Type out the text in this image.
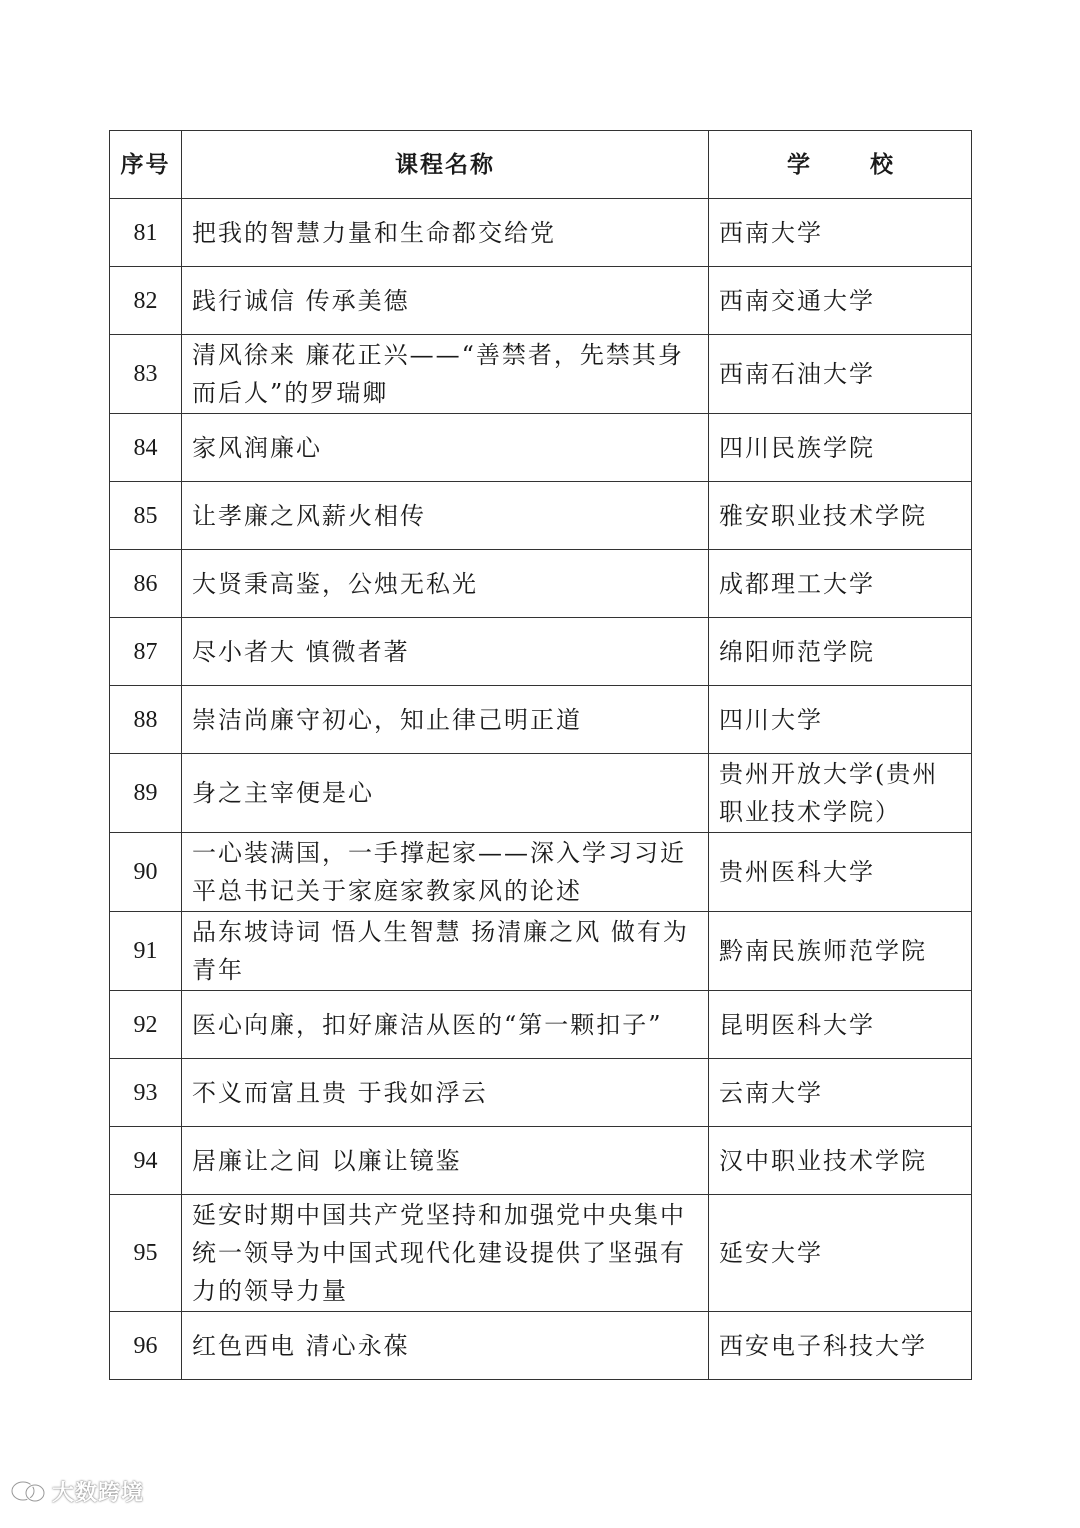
序号	课程名称	学 校
81	把我的智慧力量和生命都交给党	西南大学
82	践行诚信 传承美德	西南交通大学
83	清风徐来 廉花正兴——“善禁者，先禁其身而后人”的罗瑞卿	西南石油大学
84	家风润廉心	四川民族学院
85	让孝廉之风薪火相传	雅安职业技术学院
86	大贤秉高鉴，公烛无私光	成都理工大学
87	尽小者大 慎微者著	绵阳师范学院
88	崇洁尚廉守初心，知止律己明正道	四川大学
89	身之主宰便是心	贵州开放大学(贵州职业技术学院）
90	一心装满国，一手撑起家——深入学习习近平总书记关于家庭家教家风的论述	贵州医科大学
91	品东坡诗词 悟人生智慧 扬清廉之风 做有为青年	黔南民族师范学院
92	医心向廉，扣好廉洁从医的“第一颗扣子”	昆明医科大学
93	不义而富且贵 于我如浮云	云南大学
94	居廉让之间 以廉让镜鉴	汉中职业技术学院
95	延安时期中国共产党坚持和加强党中央集中统一领导为中国式现代化建设提供了坚强有力的领导力量	延安大学
96	红色西电 清心永葆	西安电子科技大学
大数跨境
